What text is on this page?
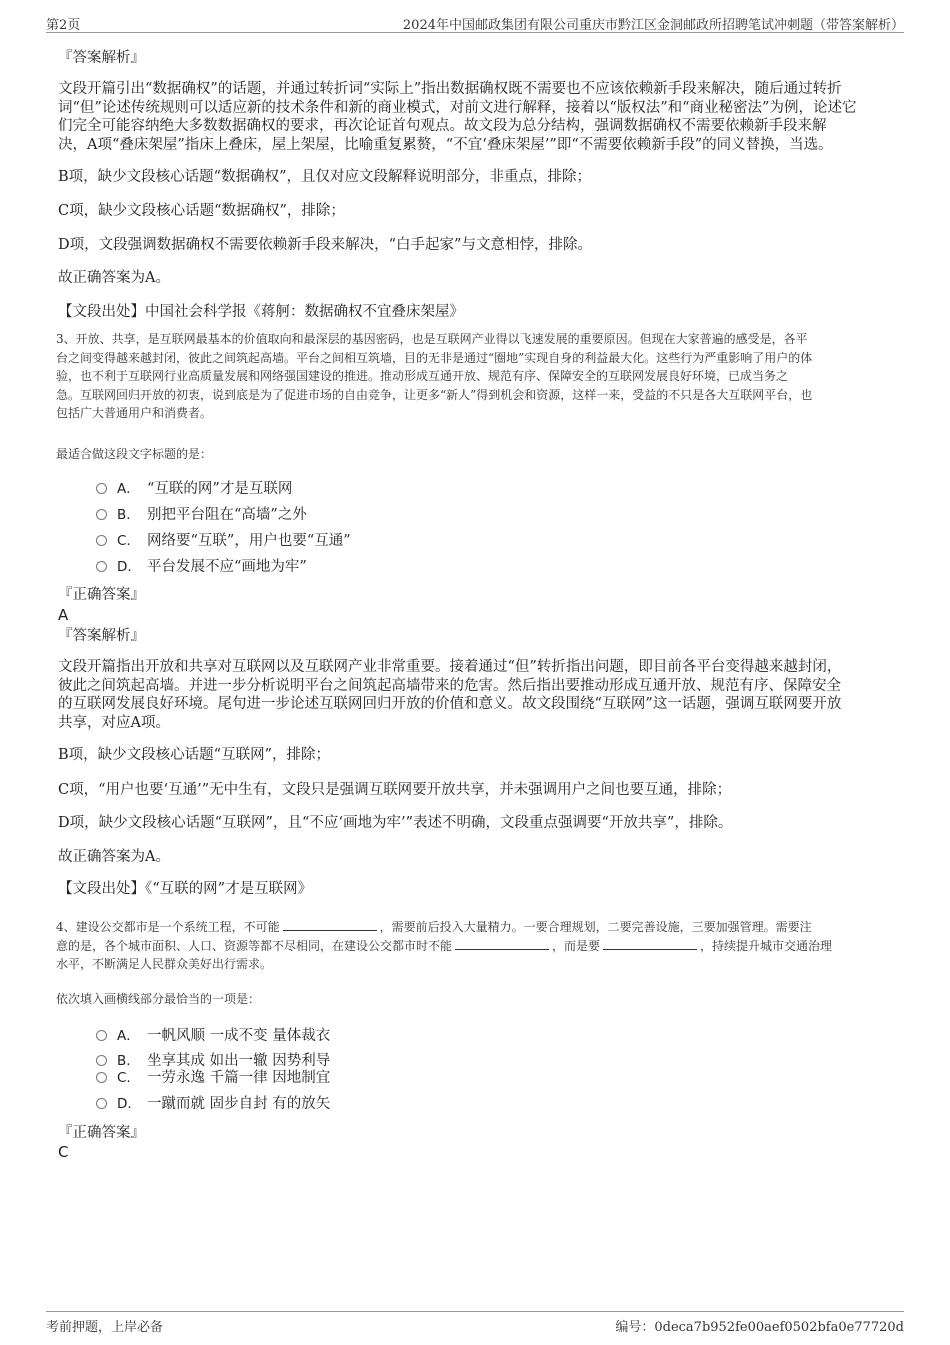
第2页	2024年中国邮政集团有限公司重庆市黔江区金洞邮政所招聘笔试冲刺题（带答案解析）
『答案解析』

文段开篇引出“数据确权”的话题，并通过转折词“实际上”指出数据确权既不需要也不应该依赖新手段来解决，随后通过转折

词“但”论述传统规则可以适应新的技术条件和新的商业模式，对前文进行解释，接着以“版权法”和“商业秘密法”为例，论述它

们完全可能容纳绝大多数数据确权的要求，再次论证首句观点。故文段为总分结构，强调数据确权不需要依赖新手段来解

决，A项“叠床架屋”指床上叠床，屋上架屋，比喻重复累赘，“不宜‘叠床架屋’”即“不需要依赖新手段”的同义替换，当选。

B项，缺少文段核心话题“数据确权”，且仅对应文段解释说明部分，非重点，排除；
C项，缺少文段核心话题“数据确权”，排除；
D项，文段强调数据确权不需要依赖新手段来解决，“白手起家”与文意相悖，排除。
故正确答案为A。
【文段出处】中国社会科学报《蒋舸：数据确权不宜叠床架屋》

3、开放、共享，是互联网最基本的价值取向和最深层的基因密码，也是互联网产业得以飞速发展的重要原因。但现在大家普遍的感受是，各平

台之间变得越来越封闭，彼此之间筑起高墙。平台之间相互筑墙，目的无非是通过“圈地”实现自身的利益最大化。这些行为严重影响了用户的体

验，也不利于互联网行业高质量发展和网络强国建设的推进。推动形成互通开放、规范有序、保障安全的互联网发展良好环境，已成当务之

急。互联网回归开放的初衷，说到底是为了促进市场的自由竞争，让更多“新人”得到机会和资源，这样一来，受益的不只是各大互联网平台，也

包括广大普通用户和消费者。

最适合做这段文字标题的是：
A． “互联的网”才是互联网
B. 别把平台阻在“高墙”之外
C. 网络要“互联”，用户也要“互通”
D. 平台发展不应“画地为牢”
『正确答案』
A
『答案解析』

文段开篇指出开放和共享对互联网以及互联网产业非常重要。接着通过“但”转折指出问题，即目前各平台变得越来越封闭，

彼此之间筑起高墙。并进一步分析说明平台之间筑起高墙带来的危害。然后指出要推动形成互通开放、规范有序、保障安全

的互联网发展良好环境。尾句进一步论述互联网回归开放的价值和意义。故文段围绕“互联网”这一话题，强调互联网要开放

共享，对应A项。

B项，缺少文段核心话题“互联网”，排除；
C项，“用户也要‘互通’”无中生有，文段只是强调互联网要开放共享，并未强调用户之间也要互通，排除；
D项，缺少文段核心话题“互联网”，且“不应‘画地为牢’”表述不明确，文段重点强调要“开放共享”，排除。
故正确答案为A。
【文段出处】《“互联的网”才是互联网》

4、建设公交都市是一个系统工程，不可能	，需要前后投入大量精力。一要合理规划，二要完善设施，三要加强管理。需要注

意的是，各个城市面积、人口、资源等都不尽相同，在建设公交都市时不能	，而是要	，持续提升城市交通治理

水平，不断满足人民群众美好出行需求。

依次填入画横线部分最恰当的一项是：
A． 一帆风顺 一成不变 量体裁衣
B. 坐享其成 如出一辙 因势利导
C. 一劳永逸 千篇一律 因地制宜
D. 一蹴而就 固步自封 有的放矢
『正确答案』
C
考前押题，上岸必备	编号：0deca7b952fe00aef0502bfa0e77720d
